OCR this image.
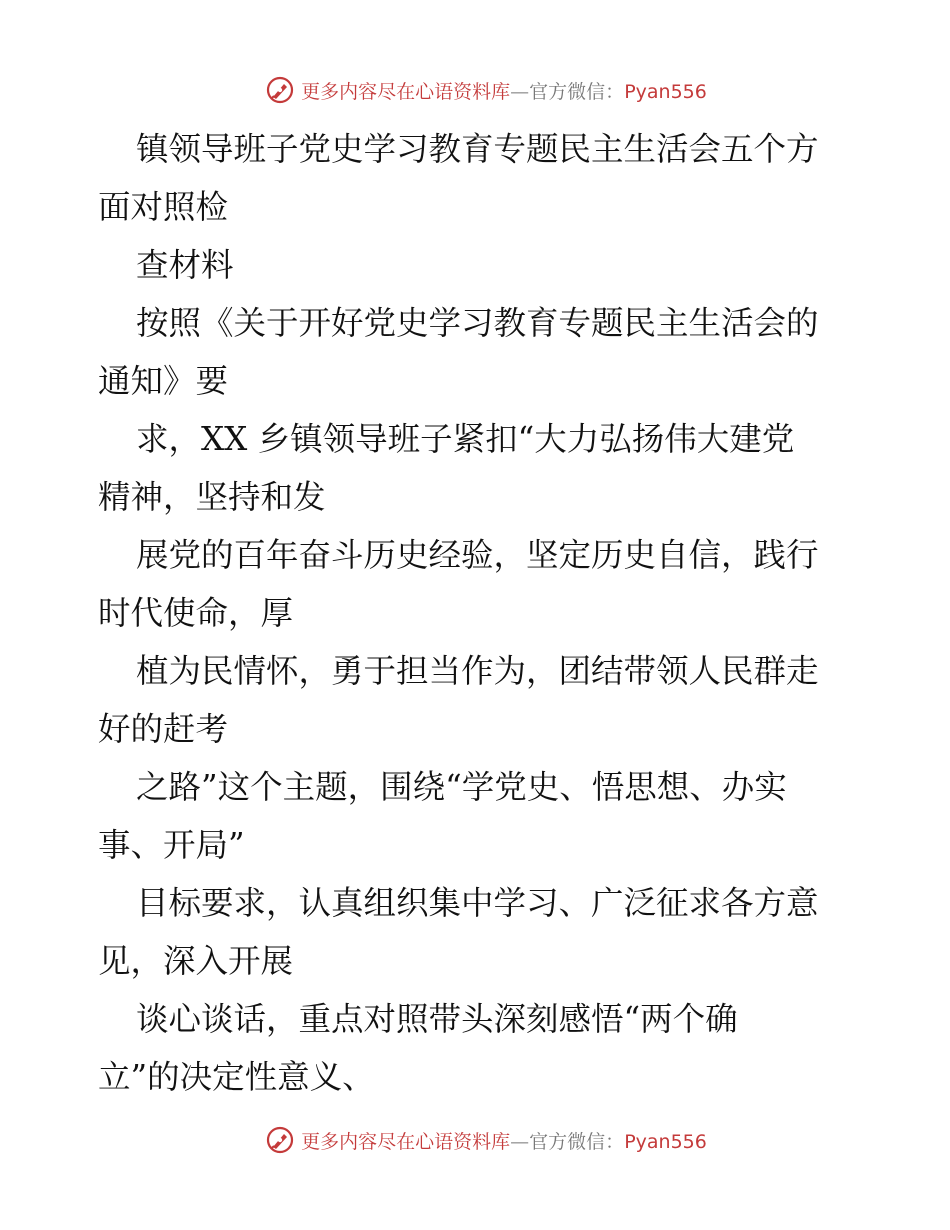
更多内容尽在心语资料库—官方微信：Pyan556
镇领导班子党史学习教育专题民主生活会五个方
面对照检
查材料
按照《关于开好党史学习教育专题民主生活会的
通知》要
求，XX 乡镇领导班子紧扣“大力弘扬伟大建党
精神，坚持和发
展党的百年奋斗历史经验，坚定历史自信，践行
时代使命，厚
植为民情怀，勇于担当作为，团结带领人民群走
好的赶考
之路”这个主题，围绕“学党史、悟思想、办实
事、开局”
目标要求，认真组织集中学习、广泛征求各方意
见，深入开展
谈心谈话，重点对照带头深刻感悟“两个确
立”的决定性意义、
更多内容尽在心语资料库—官方微信：Pyan556
